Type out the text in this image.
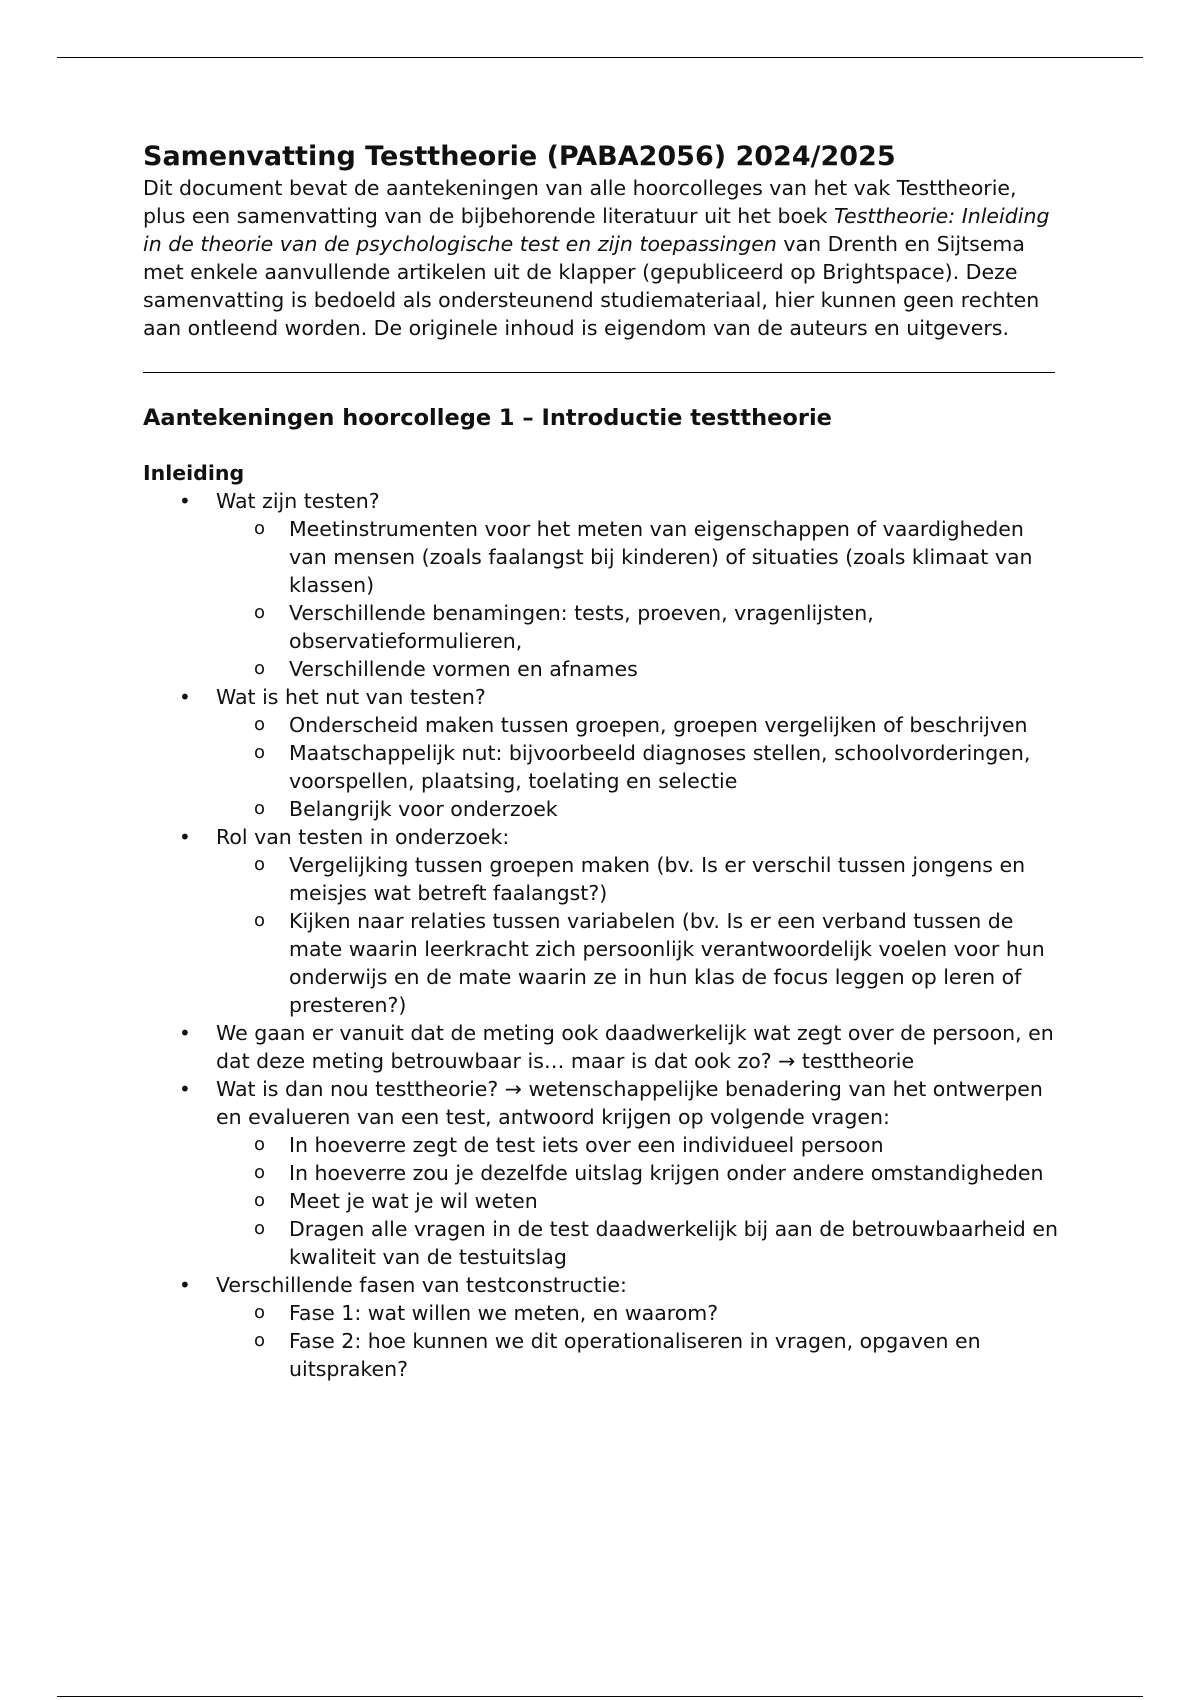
Samenvatting Testtheorie (PABA2056) 2024/2025

Dit document bevat de aantekeningen van alle hoorcolleges van het vak Testtheorie, plus een samenvatting van de bijbehorende literatuur uit het boek Testtheorie: Inleiding in de theorie van de psychologische test en zijn toepassingen van Drenth en Sijtsema met enkele aanvullende artikelen uit de klapper (gepubliceerd op Brightspace). Deze samenvatting is bedoeld als ondersteunend studiemateriaal, hier kunnen geen rechten aan ontleend worden. De originele inhoud is eigendom van de auteurs en uitgevers.

Aantekeningen hoorcollege 1 – Introductie testtheorie
Inleiding
• Wat zijn testen?
o Meetinstrumenten voor het meten van eigenschappen of vaardigheden van mensen (zoals faalangst bij kinderen) of situaties (zoals klimaat van klassen)
o Verschillende benamingen: tests, proeven, vragenlijsten, observatieformulieren,
o Verschillende vormen en afnames
• Wat is het nut van testen?
o Onderscheid maken tussen groepen, groepen vergelijken of beschrijven
o Maatschappelijk nut: bijvoorbeeld diagnoses stellen, schoolvorderingen, voorspellen, plaatsing, toelating en selectie
o Belangrijk voor onderzoek
• Rol van testen in onderzoek:
o Vergelijking tussen groepen maken (bv. Is er verschil tussen jongens en meisjes wat betreft faalangst?)
o Kijken naar relaties tussen variabelen (bv. Is er een verband tussen de mate waarin leerkracht zich persoonlijk verantwoordelijk voelen voor hun onderwijs en de mate waarin ze in hun klas de focus leggen op leren of presteren?)
• We gaan er vanuit dat de meting ook daadwerkelijk wat zegt over de persoon, en dat deze meting betrouwbaar is… maar is dat ook zo? → testtheorie
• Wat is dan nou testtheorie? → wetenschappelijke benadering van het ontwerpen en evalueren van een test, antwoord krijgen op volgende vragen:
o In hoeverre zegt de test iets over een individueel persoon
o In hoeverre zou je dezelfde uitslag krijgen onder andere omstandigheden
o Meet je wat je wil weten
o Dragen alle vragen in de test daadwerkelijk bij aan de betrouwbaarheid en kwaliteit van de testuitslag
• Verschillende fasen van testconstructie:
o Fase 1: wat willen we meten, en waarom?
o Fase 2: hoe kunnen we dit operationaliseren in vragen, opgaven en uitspraken?
